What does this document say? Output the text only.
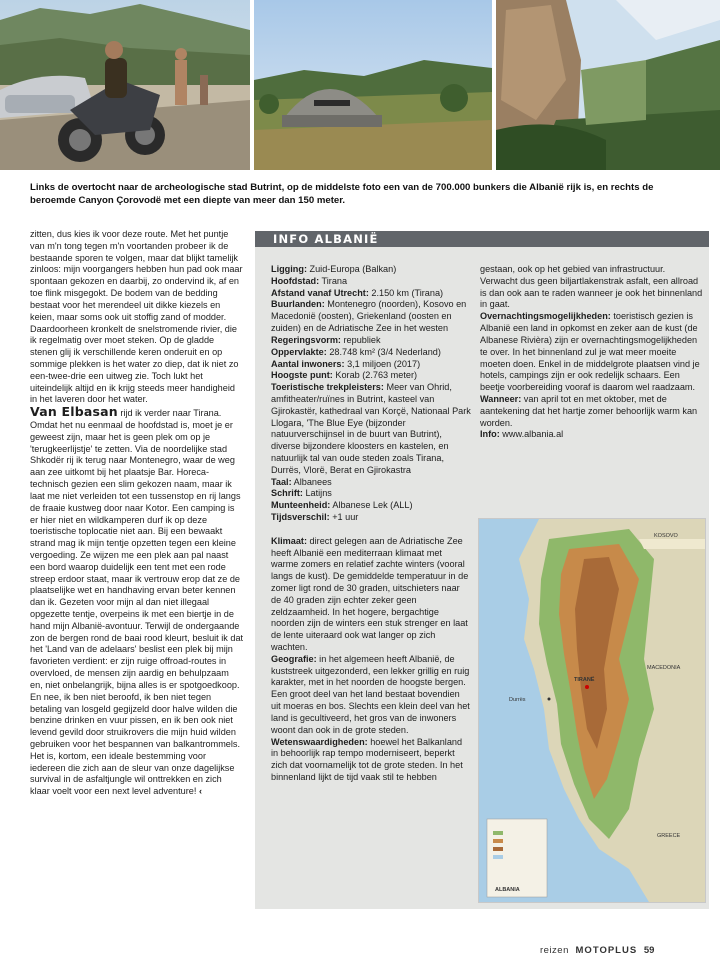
Links de overtocht naar de archeologische stad Butrint, op de middelste foto een van de 700.000 bunkers die Albanië rijk is, en rechts de beroemde Canyon Çorovodë met een diepte van meer dan 150 meter.

zitten, dus kies ik voor deze route. Met het puntje van m'n tong tegen m'n voortanden probeer ik de bestaande sporen te volgen, maar dat blijkt tamelijk zinloos: mijn voorgangers hebben hun pad ook maar spontaan gekozen en daarbij, zo ondervind ik, af en toe flink misgegokt. De bodem van de bedding bestaat voor het merendeel uit dikke kiezels en keien, maar soms ook uit stoffig zand of modder. Daardoorheen kronkelt de snelstromende rivier, die ik regelmatig over moet steken. Op de gladde stenen glij ik verschillende keren onderuit en op sommige plekken is het water zo diep, dat ik niet zo een-twee-drie een uitweg zie. Toch lukt het uiteindelijk altijd en ik krijg steeds meer handigheid in het laveren door het water.

Van Elbasan rijd ik verder naar Tirana. Omdat het nu eenmaal de hoofdstad is, moet je er geweest zijn, maar het is geen plek om op je 'terugkeerlijstje' te zetten. Via de noordelijke stad Shkodër rij ik terug naar Montenegro, waar de weg aan zee uitkomt bij het plaatsje Bar. Horeca-technisch gezien een slim gekozen naam, maar ik laat me niet verleiden tot een tussenstop en rij langs de fraaie kustweg door naar Kotor. Een camping is er hier niet en wildkamperen durf ik op deze toeristische toplocatie niet aan. Bij een bewaakt strand mag ik mijn tentje opzetten tegen een kleine vergoeding. Ze wijzen me een plek aan pal naast een bord waarop duidelijk een tent met een rode streep erdoor staat, maar ik vertrouw erop dat ze de plaatselijke wet en handhaving ervan beter kennen dan ik. Gezeten voor mijn al dan niet illegaal opgezette tentje, overpeins ik met een biertje in de hand mijn Albanië-avontuur. Terwijl de ondergaande zon de bergen rond de baai rood kleurt, besluit ik dat het 'Land van de adelaars' beslist een plek bij mijn favorieten verdient: er zijn ruige offroad-routes in overvloed, de mensen zijn aardig en behulpzaam en, niet onbelangrijk, bijna alles is er spotgoedkoop. En nee, ik ben niet beroofd, ik ben niet tegen betaling van losgeld gegijzeld door halve wilden die benzine drinken en vuur pissen, en ik ben ook niet levend gevild door struikrovers die mijn huid wilden gebruiken voor het bespannen van balkantrommels. Het is, kortom, een ideale bestemming voor iedereen die zich aan de sleur van onze dagelijkse survival in de asfaltjungle wil onttrekken en zich klaar voelt voor een next level adventure! ‹

INFO ALBANIË

Ligging: Zuid-Europa (Balkan)

Hoofdstad: Tirana

Afstand vanaf Utrecht: 2.150 km (Tirana)

Buurlanden: Montenegro (noorden), Kosovo en Macedonië (oosten), Griekenland (oosten en zuiden) en de Adriatische Zee in het westen

Regeringsvorm: republiek

Oppervlakte: 28.748 km² (3/4 Nederland)

Aantal inwoners: 3,1 miljoen (2017)

Hoogste punt: Korab (2.763 meter)

Toeristische trekpleisters: Meer van Ohrid, amfitheater/ruïnes in Butrint, kasteel van Gjirokastër, kathedraal van Korçë, Nationaal Park Llogara, 'The Blue Eye (bijzonder natuurverschijnsel in de buurt van Butrint), diverse bijzondere kloosters en kastelen, en natuurlijk tal van oude steden zoals Tirana, Durrës, Vlorë, Berat en Gjirokastra

Taal: Albanees

Schrift: Latijns

Munteenheid: Albanese Lek (ALL)

Tijdsverschil: +1 uur

Klimaat: direct gelegen aan de Adriatische Zee heeft Albanië een mediterraan klimaat met warme zomers en relatief zachte winters (vooral langs de kust). De gemiddelde temperatuur in de zomer ligt rond de 30 graden, uitschieters naar de 40 graden zijn echter zeker geen zeldzaamheid. In het hogere, bergachtige noorden zijn de winters een stuk strenger en laat de lente uiteraard ook wat langer op zich wachten.

Geografie: in het algemeen heeft Albanië, de kuststreek uitgezonderd, een lekker grillig en ruig karakter, met in het noorden de hoogste bergen. Een groot deel van het land bestaat bovendien uit moeras en bos. Slechts een klein deel van het land is gecultiveerd, het gros van de inwoners woont dan ook in de grote steden.

Wetenswaardigheden: hoewel het Balkanland in behoorlijk rap tempo moderniseert, beperkt zich dat voornamelijk tot de grote steden. In het binnenland lijkt de tijd vaak stil te hebben

gestaan, ook op het gebied van infrastructuur. Verwacht dus geen biljartlakenstrak asfalt, een allroad is dan ook aan te raden wanneer je ook het binnenland in gaat.

Overnachtingsmogelijkheden: toeristisch gezien is Albanië een land in opkomst en zeker aan de kust (de Albanese Rivièra) zijn er overnachtingsmogelijkheden te over. In het binnenland zul je wat meer moeite moeten doen. Enkel in de middelgrote plaatsen vind je hotels, campings zijn er ook redelijk schaars. Een beetje voorbereiding vooraf is daarom wel raadzaam.

Wanneer: van april tot en met oktober, met de aantekening dat het hartje zomer behoorlijk warm kan worden.

Info: www.albania.al

KOSOVO
MACEDONIA
Durrës
TIRANË
GREECE
ALBANIA
reizen MOTOPLUS 59
